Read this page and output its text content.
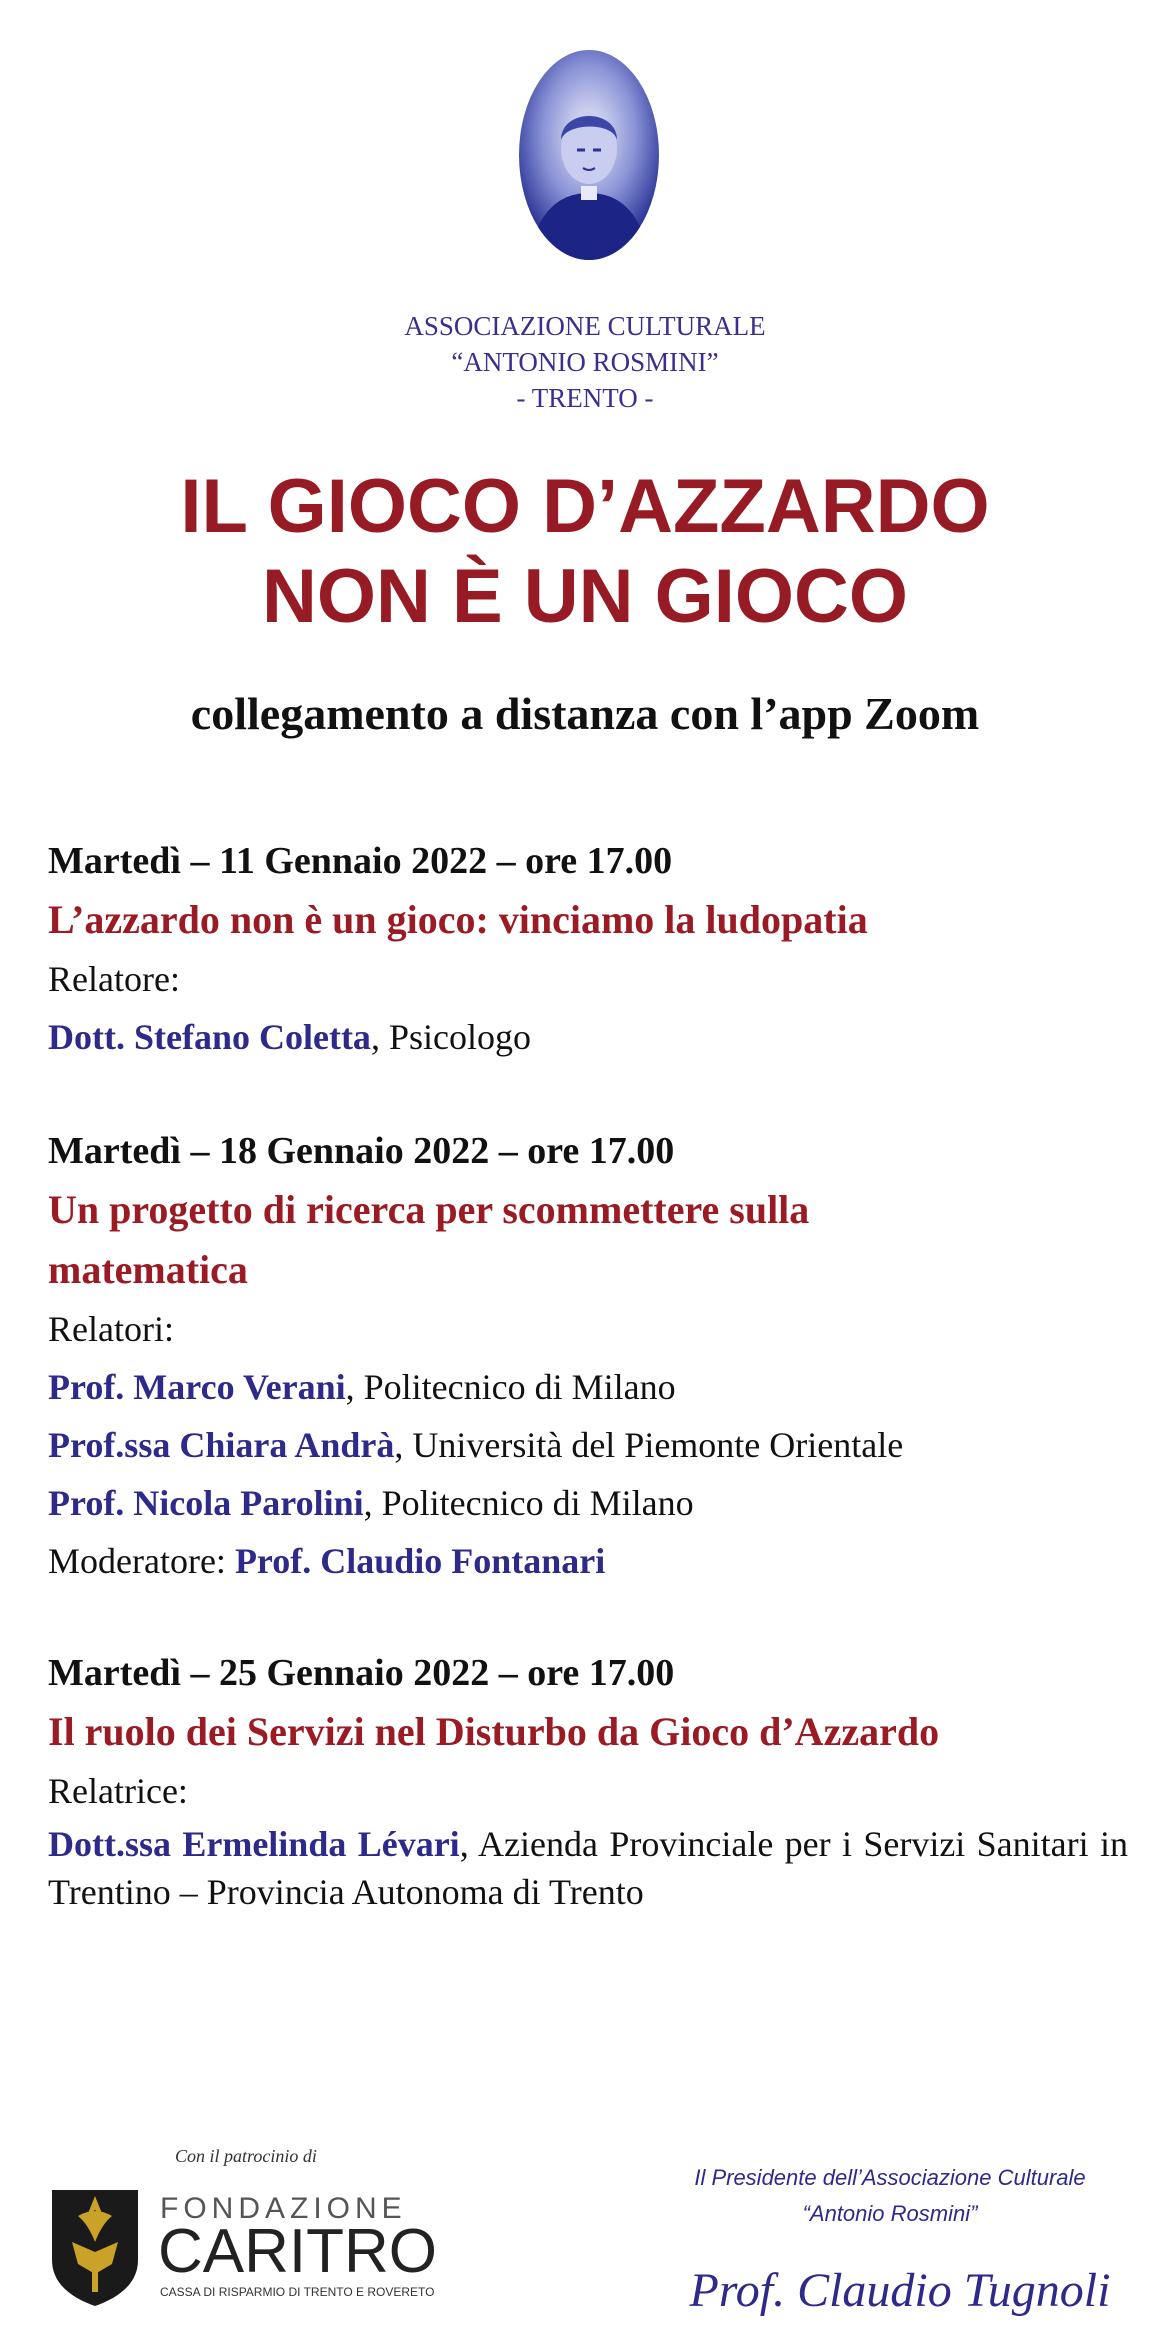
ASSOCIAZIONE CULTURALE
“ANTONIO ROSMINI”
- TRENTO -
IL GIOCO D’AZZARDO
NON È UN GIOCO
collegamento a distanza con l’app Zoom
Martedì – 11 Gennaio 2022 – ore 17.00
L’azzardo non è un gioco: vinciamo la ludopatia
Relatore:
Dott. Stefano Coletta, Psicologo
Martedì – 18 Gennaio 2022 – ore 17.00
Un progetto di ricerca per scommettere sulla
matematica
Relatori:
Prof. Marco Verani, Politecnico di Milano
Prof.ssa Chiara Andrà, Università del Piemonte Orientale
Prof. Nicola Parolini, Politecnico di Milano
Moderatore: Prof. Claudio Fontanari
Martedì – 25 Gennaio 2022 – ore 17.00
Il ruolo dei Servizi nel Disturbo da Gioco d’Azzardo
Relatrice:
Dott.ssa Ermelinda Lévari, Azienda Provinciale per i Servizi Sanitari in Trentino – Provincia Autonoma di Trento
Con il patrocinio di
FONDAZIONE
CARITRO
CASSA DI RISPARMIO DI TRENTO E ROVERETO
Il Presidente dell’Associazione Culturale
“Antonio Rosmini”
Prof. Claudio Tugnoli
